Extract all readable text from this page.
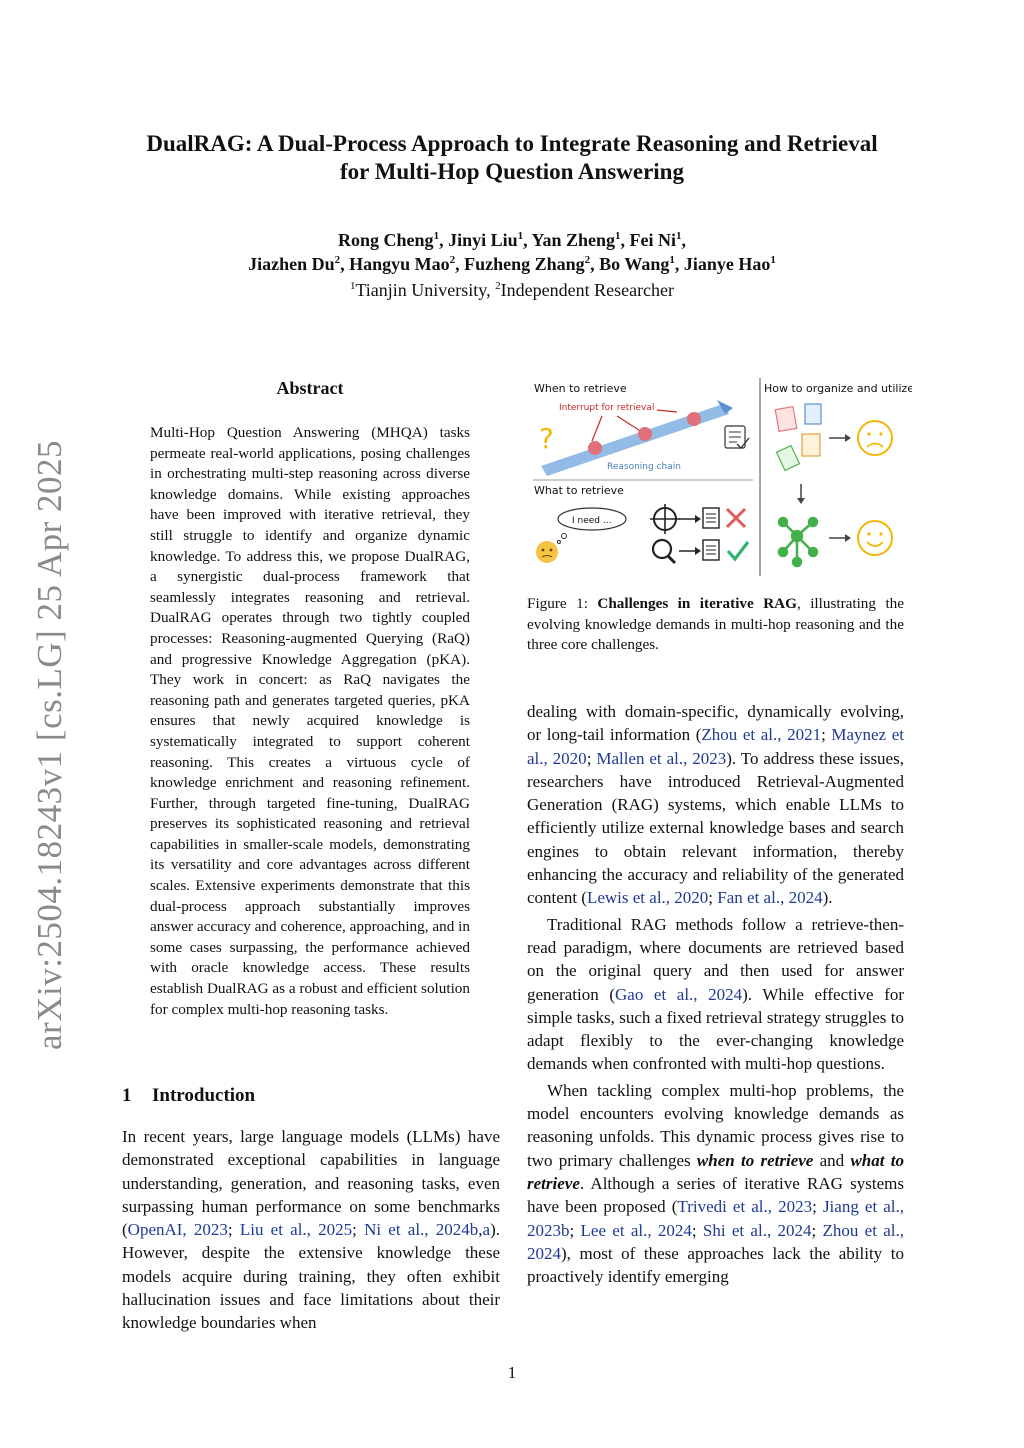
DualRAG: A Dual-Process Approach to Integrate Reasoning and Retrieval
for Multi-Hop Question Answering
Rong Cheng$^1$, Jinyi Liu$^1$, Yan Zheng$^1$, Fei Ni$^1$,
Jiazhen Du$^2$, Hangyu Mao$^2$, Fuzheng Zhang$^2$, Bo Wang$^1$, Jianye Hao$^1$
$^1$Tianjin University, $^2$Independent Researcher
arXiv:2504.18243v1 [cs.LG] 25 Apr 2025
Abstract
Multi-Hop Question Answering (MHQA) tasks permeate real-world applications, posing challenges in orchestrating multi-step reasoning across diverse knowledge domains. While existing approaches have been improved with iterative retrieval, they still struggle to identify and organize dynamic knowledge. To address this, we propose DualRAG, a synergistic dual-process framework that seamlessly integrates reasoning and retrieval. DualRAG operates through two tightly coupled processes: Reasoning-augmented Querying (RaQ) and progressive Knowledge Aggregation (pKA). They work in concert: as RaQ navigates the reasoning path and generates targeted queries, pKA ensures that newly acquired knowledge is systematically integrated to support coherent reasoning. This creates a virtuous cycle of knowledge enrichment and reasoning refinement. Further, through targeted fine-tuning, DualRAG preserves its sophisticated reasoning and retrieval capabilities in smaller-scale models, demonstrating its versatility and core advantages across different scales. Extensive experiments demonstrate that this dual-process approach substantially improves answer accuracy and coherence, approaching, and in some cases surpassing, the performance achieved with oracle knowledge access. These results establish DualRAG as a robust and efficient solution for complex multi-hop reasoning tasks.
1 Introduction
In recent years, large language models (LLMs) have demonstrated exceptional capabilities in language understanding, generation, and reasoning tasks, even surpassing human performance on some benchmarks (OpenAI, 2023; Liu et al., 2025; Ni et al., 2024b,a). However, despite the extensive knowledge these models acquire during training, they often exhibit hallucination issues and face limitations about their knowledge boundaries when
When to retrieve
Interrupt for retrieval
Reasoning chain
?
What to retrieve
I need ...
How to organize and utilize
Figure 1: Challenges in iterative RAG, illustrating the evolving knowledge demands in multi-hop reasoning and the three core challenges.

dealing with domain-specific, dynamically evolving, or long-tail information (Zhou et al., 2021; Maynez et al., 2020; Mallen et al., 2023). To address these issues, researchers have introduced Retrieval-Augmented Generation (RAG) systems, which enable LLMs to efficiently utilize external knowledge bases and search engines to obtain relevant information, thereby enhancing the accuracy and reliability of the generated content (Lewis et al., 2020; Fan et al., 2024).

Traditional RAG methods follow a retrieve-then-read paradigm, where documents are retrieved based on the original query and then used for answer generation (Gao et al., 2024). While effective for simple tasks, such a fixed retrieval strategy struggles to adapt flexibly to the ever-changing knowledge demands when confronted with multi-hop questions.

When tackling complex multi-hop problems, the model encounters evolving knowledge demands as reasoning unfolds. This dynamic process gives rise to two primary challenges when to retrieve and what to retrieve. Although a series of iterative RAG systems have been proposed (Trivedi et al., 2023; Jiang et al., 2023b; Lee et al., 2024; Shi et al., 2024; Zhou et al., 2024), most of these approaches lack the ability to proactively identify emerging

1
